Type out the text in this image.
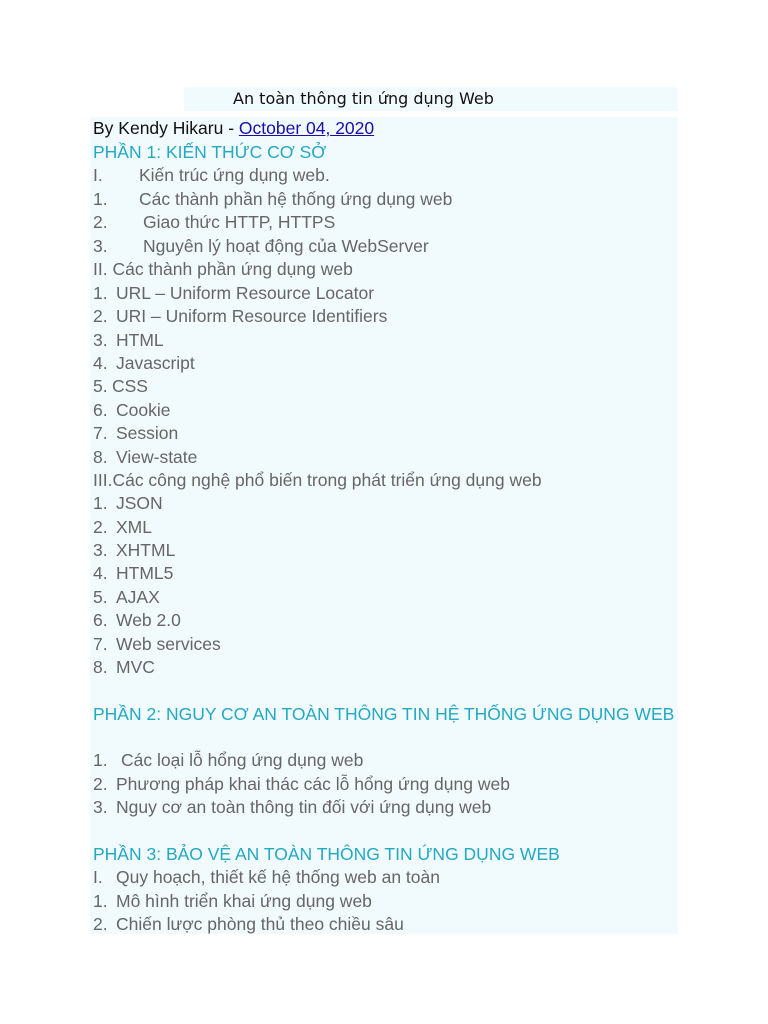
An toàn thông tin ứng dụng Web
By Kendy Hikaru - October 04, 2020
PHẦN 1: KIẾN THỨC CƠ SỞ
I. Kiến trúc ứng dụng web.
1. Các thành phần hệ thống ứng dụng web
2. Giao thức HTTP, HTTPS
3. Nguyên lý hoạt động của WebServer
II. Các thành phần ứng dụng web
1. URL – Uniform Resource Locator
2. URI – Uniform Resource Identifiers
3. HTML
4. Javascript
5. CSS
6. Cookie
7. Session
8. View-state
III.Các công nghệ phổ biến trong phát triển ứng dụng web
1. JSON
2. XML
3. XHTML
4. HTML5
5. AJAX
6. Web 2.0
7. Web services
8. MVC
PHẦN 2: NGUY CƠ AN TOÀN THÔNG TIN HỆ THỐNG ỨNG DỤNG WEB
1. Các loại lỗ hổng ứng dụng web
2. Phương pháp khai thác các lỗ hổng ứng dụng web
3. Nguy cơ an toàn thông tin đối với ứng dụng web
PHẦN 3: BẢO VỆ AN TOÀN THÔNG TIN ỨNG DỤNG WEB
I. Quy hoạch, thiết kế hệ thống web an toàn
1. Mô hình triển khai ứng dụng web
2. Chiến lược phòng thủ theo chiều sâu
